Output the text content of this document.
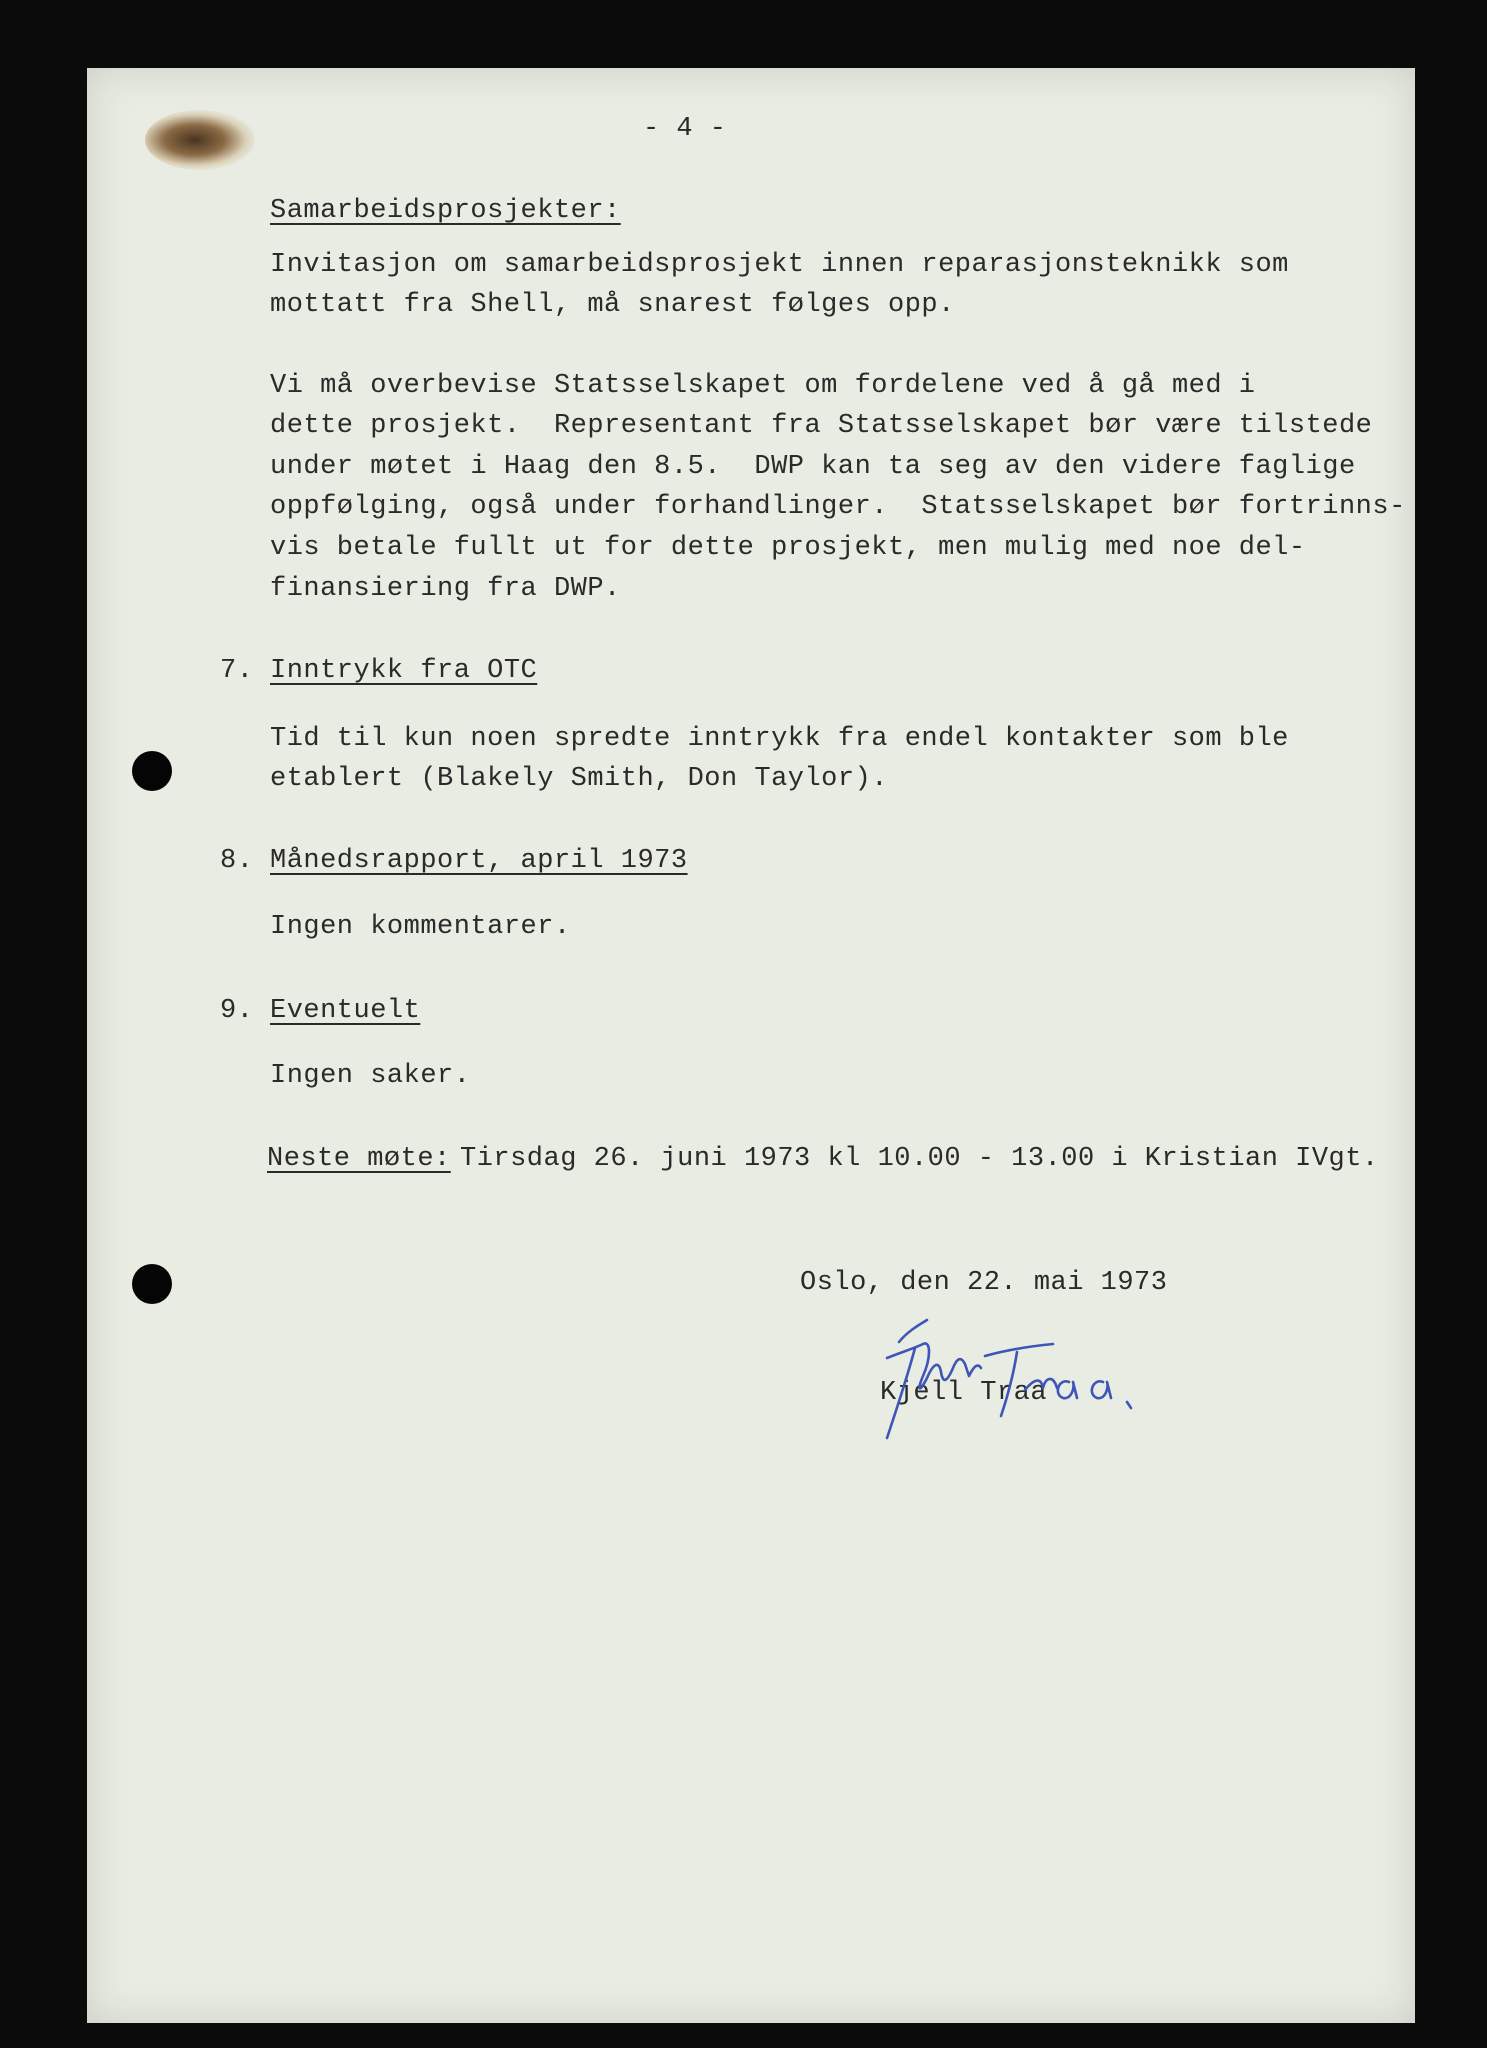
- 4 -
Samarbeidsprosjekter:
Invitasjon om samarbeidsprosjekt innen reparasjonsteknikk som
mottatt fra Shell, må snarest følges opp.
Vi må overbevise Statsselskapet om fordelene ved å gå med i
dette prosjekt.  Representant fra Statsselskapet bør være tilstede
under møtet i Haag den 8.5.  DWP kan ta seg av den videre faglige
oppfølging, også under forhandlinger.  Statsselskapet bør fortrinns-
vis betale fullt ut for dette prosjekt, men mulig med noe del-
finansiering fra DWP.
7. Inntrykk fra OTC
Tid til kun noen spredte inntrykk fra endel kontakter som ble
etablert (Blakely Smith, Don Taylor).
8. Månedsrapport, april 1973
Ingen kommentarer.
9. Eventuelt
Ingen saker.
Neste møte: Tirsdag 26. juni 1973 kl 10.00 - 13.00 i Kristian IVgt.
Oslo, den 22. mai 1973
Kjell Traa
